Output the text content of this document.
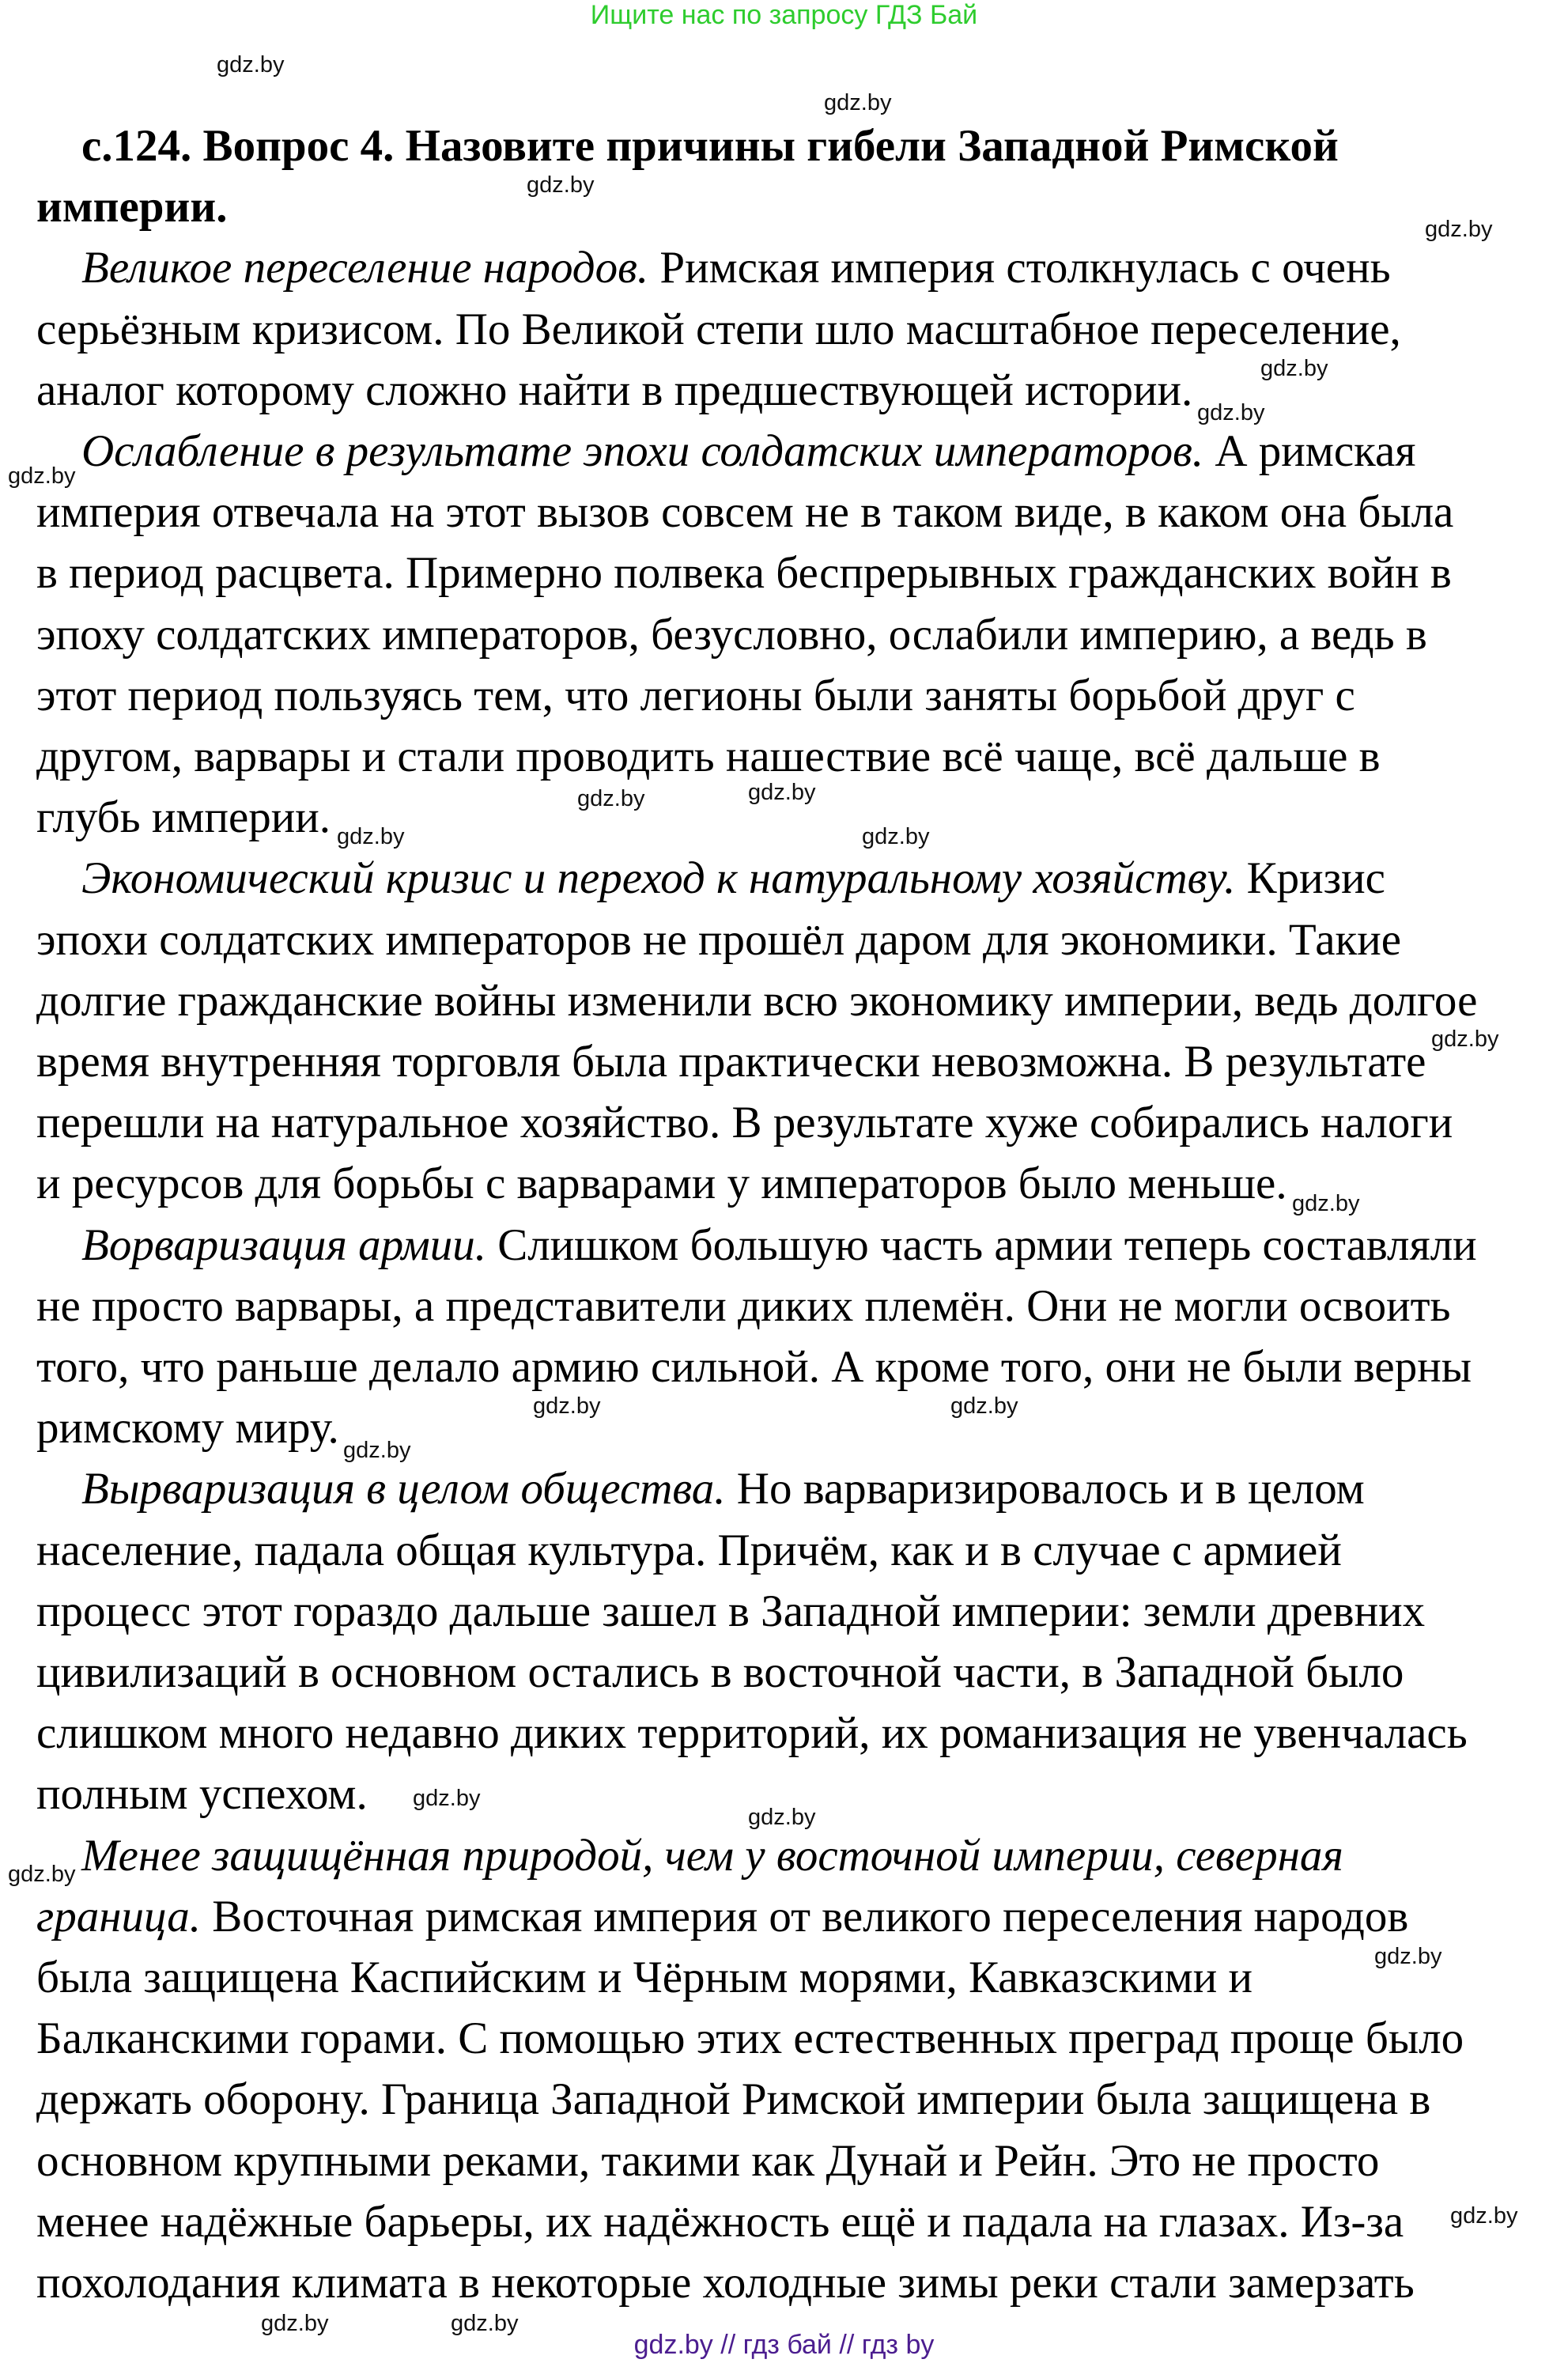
Ищите нас по запросу ГДЗ Бай
с.124. Вопрос 4. Назовите причины гибели Западной Римской
империи.
Великое переселение народов. Римская империя столкнулась с очень
серьёзным кризисом. По Великой степи шло масштабное переселение,
аналог которому сложно найти в предшествующей истории.
Ослабление в результате эпохи солдатских императоров. А римская
империя отвечала на этот вызов совсем не в таком виде, в каком она была
в период расцвета. Примерно полвека беспрерывных гражданских войн в
эпоху солдатских императоров, безусловно, ослабили империю, а ведь в
этот период пользуясь тем, что легионы были заняты борьбой друг с
другом, варвары и стали проводить нашествие всё чаще, всё дальше в
глубь империи.
Экономический кризис и переход к натуральному хозяйству. Кризис
эпохи солдатских императоров не прошёл даром для экономики. Такие
долгие гражданские войны изменили всю экономику империи, ведь долгое
время внутренняя торговля была практически невозможна. В результате
перешли на натуральное хозяйство. В результате хуже собирались налоги
и ресурсов для борьбы с варварами у императоров было меньше.
Ворваризация армии. Слишком большую часть армии теперь составляли
не просто варвары, а представители диких племён. Они не могли освоить
того, что раньше делало армию сильной. А кроме того, они не были верны
римскому миру.
Вырваризация в целом общества. Но варваризировалось и в целом
население, падала общая культура. Причём, как и в случае с армией
процесс этот гораздо дальше зашел в Западной империи: земли древних
цивилизаций в основном остались в восточной части, в Западной было
слишком много недавно диких территорий, их романизация не увенчалась
полным успехом.
Менее защищённая природой, чем у восточной империи, северная
граница. Восточная римская империя от великого переселения народов
была защищена Каспийским и Чёрным морями, Кавказскими и
Балканскими горами. С помощью этих естественных преград проще было
держать оборону. Граница Западной Римской империи была защищена в
основном крупными реками, такими как Дунай и Рейн. Это не просто
менее надёжные барьеры, их надёжность ещё и падала на глазах. Из-за
похолодания климата в некоторые холодные зимы реки стали замерзать
gdz.by // гдз бай // гдз by
gdz.by
gdz.by
gdz.by
gdz.by
gdz.by
gdz.by
gdz.by
gdz.by
gdz.by
gdz.by
gdz.by
gdz.by
gdz.by
gdz.by	gdz.by
gdz.by
gdz.by
gdz.by
gdz.by
gdz.by
gdz.by
gdz.by
gdz.by
